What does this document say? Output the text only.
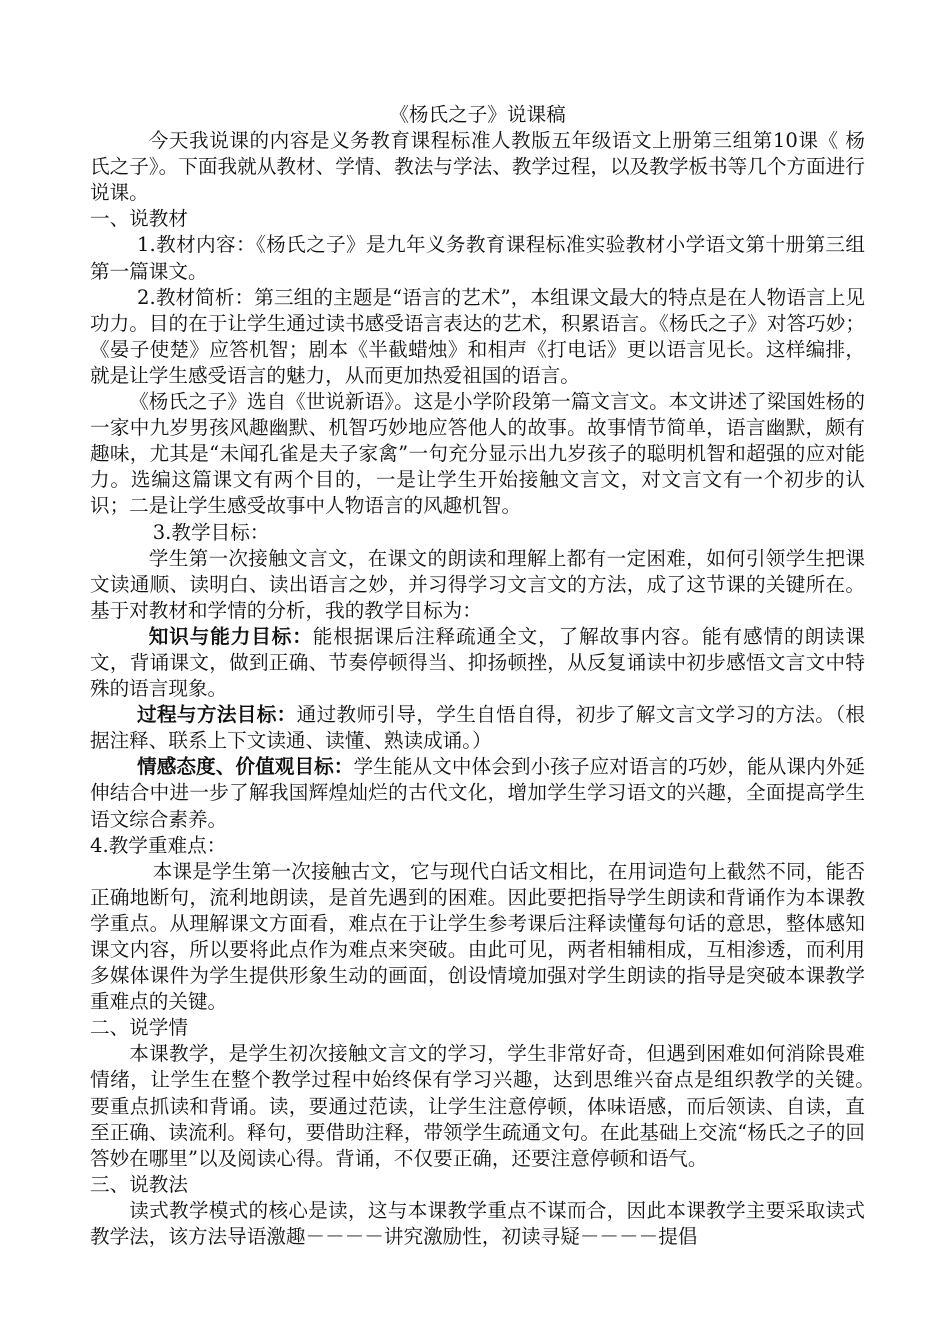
《杨氏之子》说课稿

今天我说课的内容是义务教育课程标准人教版五年级语文上册第三组第10课《 杨氏之子》。下面我就从教材、学情、教法与学法、教学过程，以及教学板书等几个方面进行说课。

一、说教材

1.教材内容：《杨氏之子》是九年义务教育课程标准实验教材小学语文第十册第三组第一篇课文。

2.教材简析：第三组的主题是“语言的艺术”，本组课文最大的特点是在人物语言上见功力。目的在于让学生通过读书感受语言表达的艺术，积累语言。《杨氏之子》对答巧妙；《晏子使楚》应答机智；剧本《半截蜡烛》和相声《打电话》更以语言见长。这样编排，就是让学生感受语言的魅力，从而更加热爱祖国的语言。

《杨氏之子》选自《世说新语》。这是小学阶段第一篇文言文。本文讲述了梁国姓杨的一家中九岁男孩风趣幽默、机智巧妙地应答他人的故事。故事情节简单，语言幽默，颇有趣味，尤其是“未闻孔雀是夫子家禽”一句充分显示出九岁孩子的聪明机智和超强的应对能力。选编这篇课文有两个目的，一是让学生开始接触文言文，对文言文有一个初步的认识；二是让学生感受故事中人物语言的风趣机智。

3.教学目标：

学生第一次接触文言文，在课文的朗读和理解上都有一定困难，如何引领学生把课文读通顺、读明白、读出语言之妙，并习得学习文言文的方法，成了这节课的关键所在。基于对教材和学情的分析，我的教学目标为：

知识与能力目标：能根据课后注释疏通全文，了解故事内容。能有感情的朗读课文，背诵课文，做到正确、节奏停顿得当、抑扬顿挫，从反复诵读中初步感悟文言文中特殊的语言现象。

过程与方法目标：通过教师引导，学生自悟自得，初步了解文言文学习的方法。（根据注释、联系上下文读通、读懂、熟读成诵。）

情感态度、价值观目标：学生能从文中体会到小孩子应对语言的巧妙，能从课内外延伸结合中进一步了解我国辉煌灿烂的古代文化，增加学生学习语文的兴趣，全面提高学生语文综合素养。

4.教学重难点：

本课是学生第一次接触古文，它与现代白话文相比，在用词造句上截然不同，能否正确地断句，流利地朗读，是首先遇到的困难。因此要把指导学生朗读和背诵作为本课教学重点。从理解课文方面看，难点在于让学生参考课后注释读懂每句话的意思，整体感知课文内容，所以要将此点作为难点来突破。由此可见，两者相辅相成，互相渗透，而利用多媒体课件为学生提供形象生动的画面，创设情境加强对学生朗读的指导是突破本课教学重难点的关键。

二、说学情

本课教学，是学生初次接触文言文的学习，学生非常好奇，但遇到困难如何消除畏难情绪，让学生在整个教学过程中始终保有学习兴趣，达到思维兴奋点是组织教学的关键。　要重点抓读和背诵。读，要通过范读，让学生注意停顿，体味语感，而后领读、自读，直至正确、读流利。释句，要借助注释，带领学生疏通文句。在此基础上交流“杨氏之子的回答妙在哪里”以及阅读心得。背诵，不仅要正确，还要注意停顿和语气。

三、说教法

读式教学模式的核心是读，这与本课教学重点不谋而合，因此本课教学主要采取读式教学法，该方法导语激趣－－－－讲究激励性，初读寻疑－－－－提倡
